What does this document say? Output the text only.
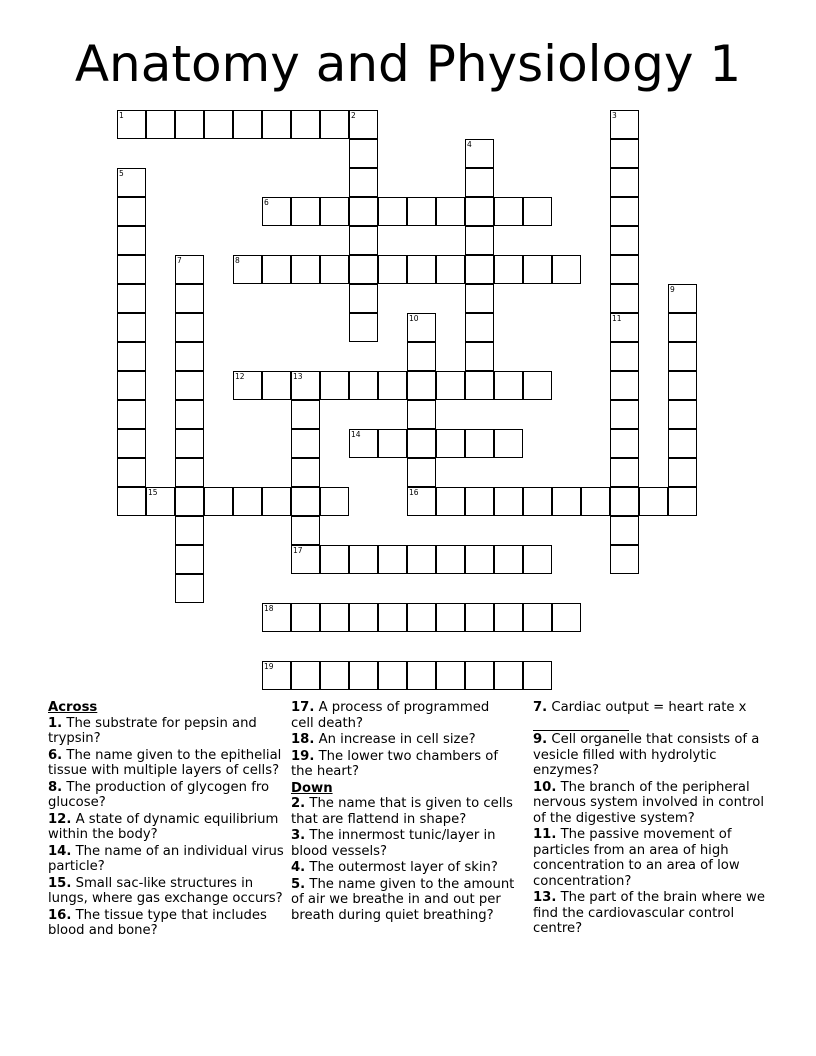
Anatomy and Physiology 1
1	2	3
4
5
6
7	8
9
10
16
11
12	13
14
15
17
18
19
Across

1. The substrate for pepsin and trypsin?

6. The name given to the epithelial tissue with multiple layers of cells?

8. The production of glycogen fro glucose?

12. A state of dynamic equilibrium within the body?

14. The name of an individual virus particle?

15. Small sac-like structures in lungs, where gas exchange occurs?

16. The tissue type that includes blood and bone?

17. A process of programmed cell death?

18. An increase in cell size?

19. The lower two chambers of the heart?

Down

2. The name that is given to cells that are flattend in shape?

3. The innermost tunic/layer in blood vessels?

4. The outermost layer of skin?

5. The name given to the amount of air we breathe in and out per breath during quiet breathing?

7. Cardiac output = heart rate x

9. Cell organelle that consists of a vesicle filled with hydrolytic enzymes?

10. The branch of the peripheral nervous system involved in control of the digestive system?

11. The passive movement of particles from an area of high concentration to an area of low concentration?

13. The part of the brain where we find the cardiovascular control centre?
